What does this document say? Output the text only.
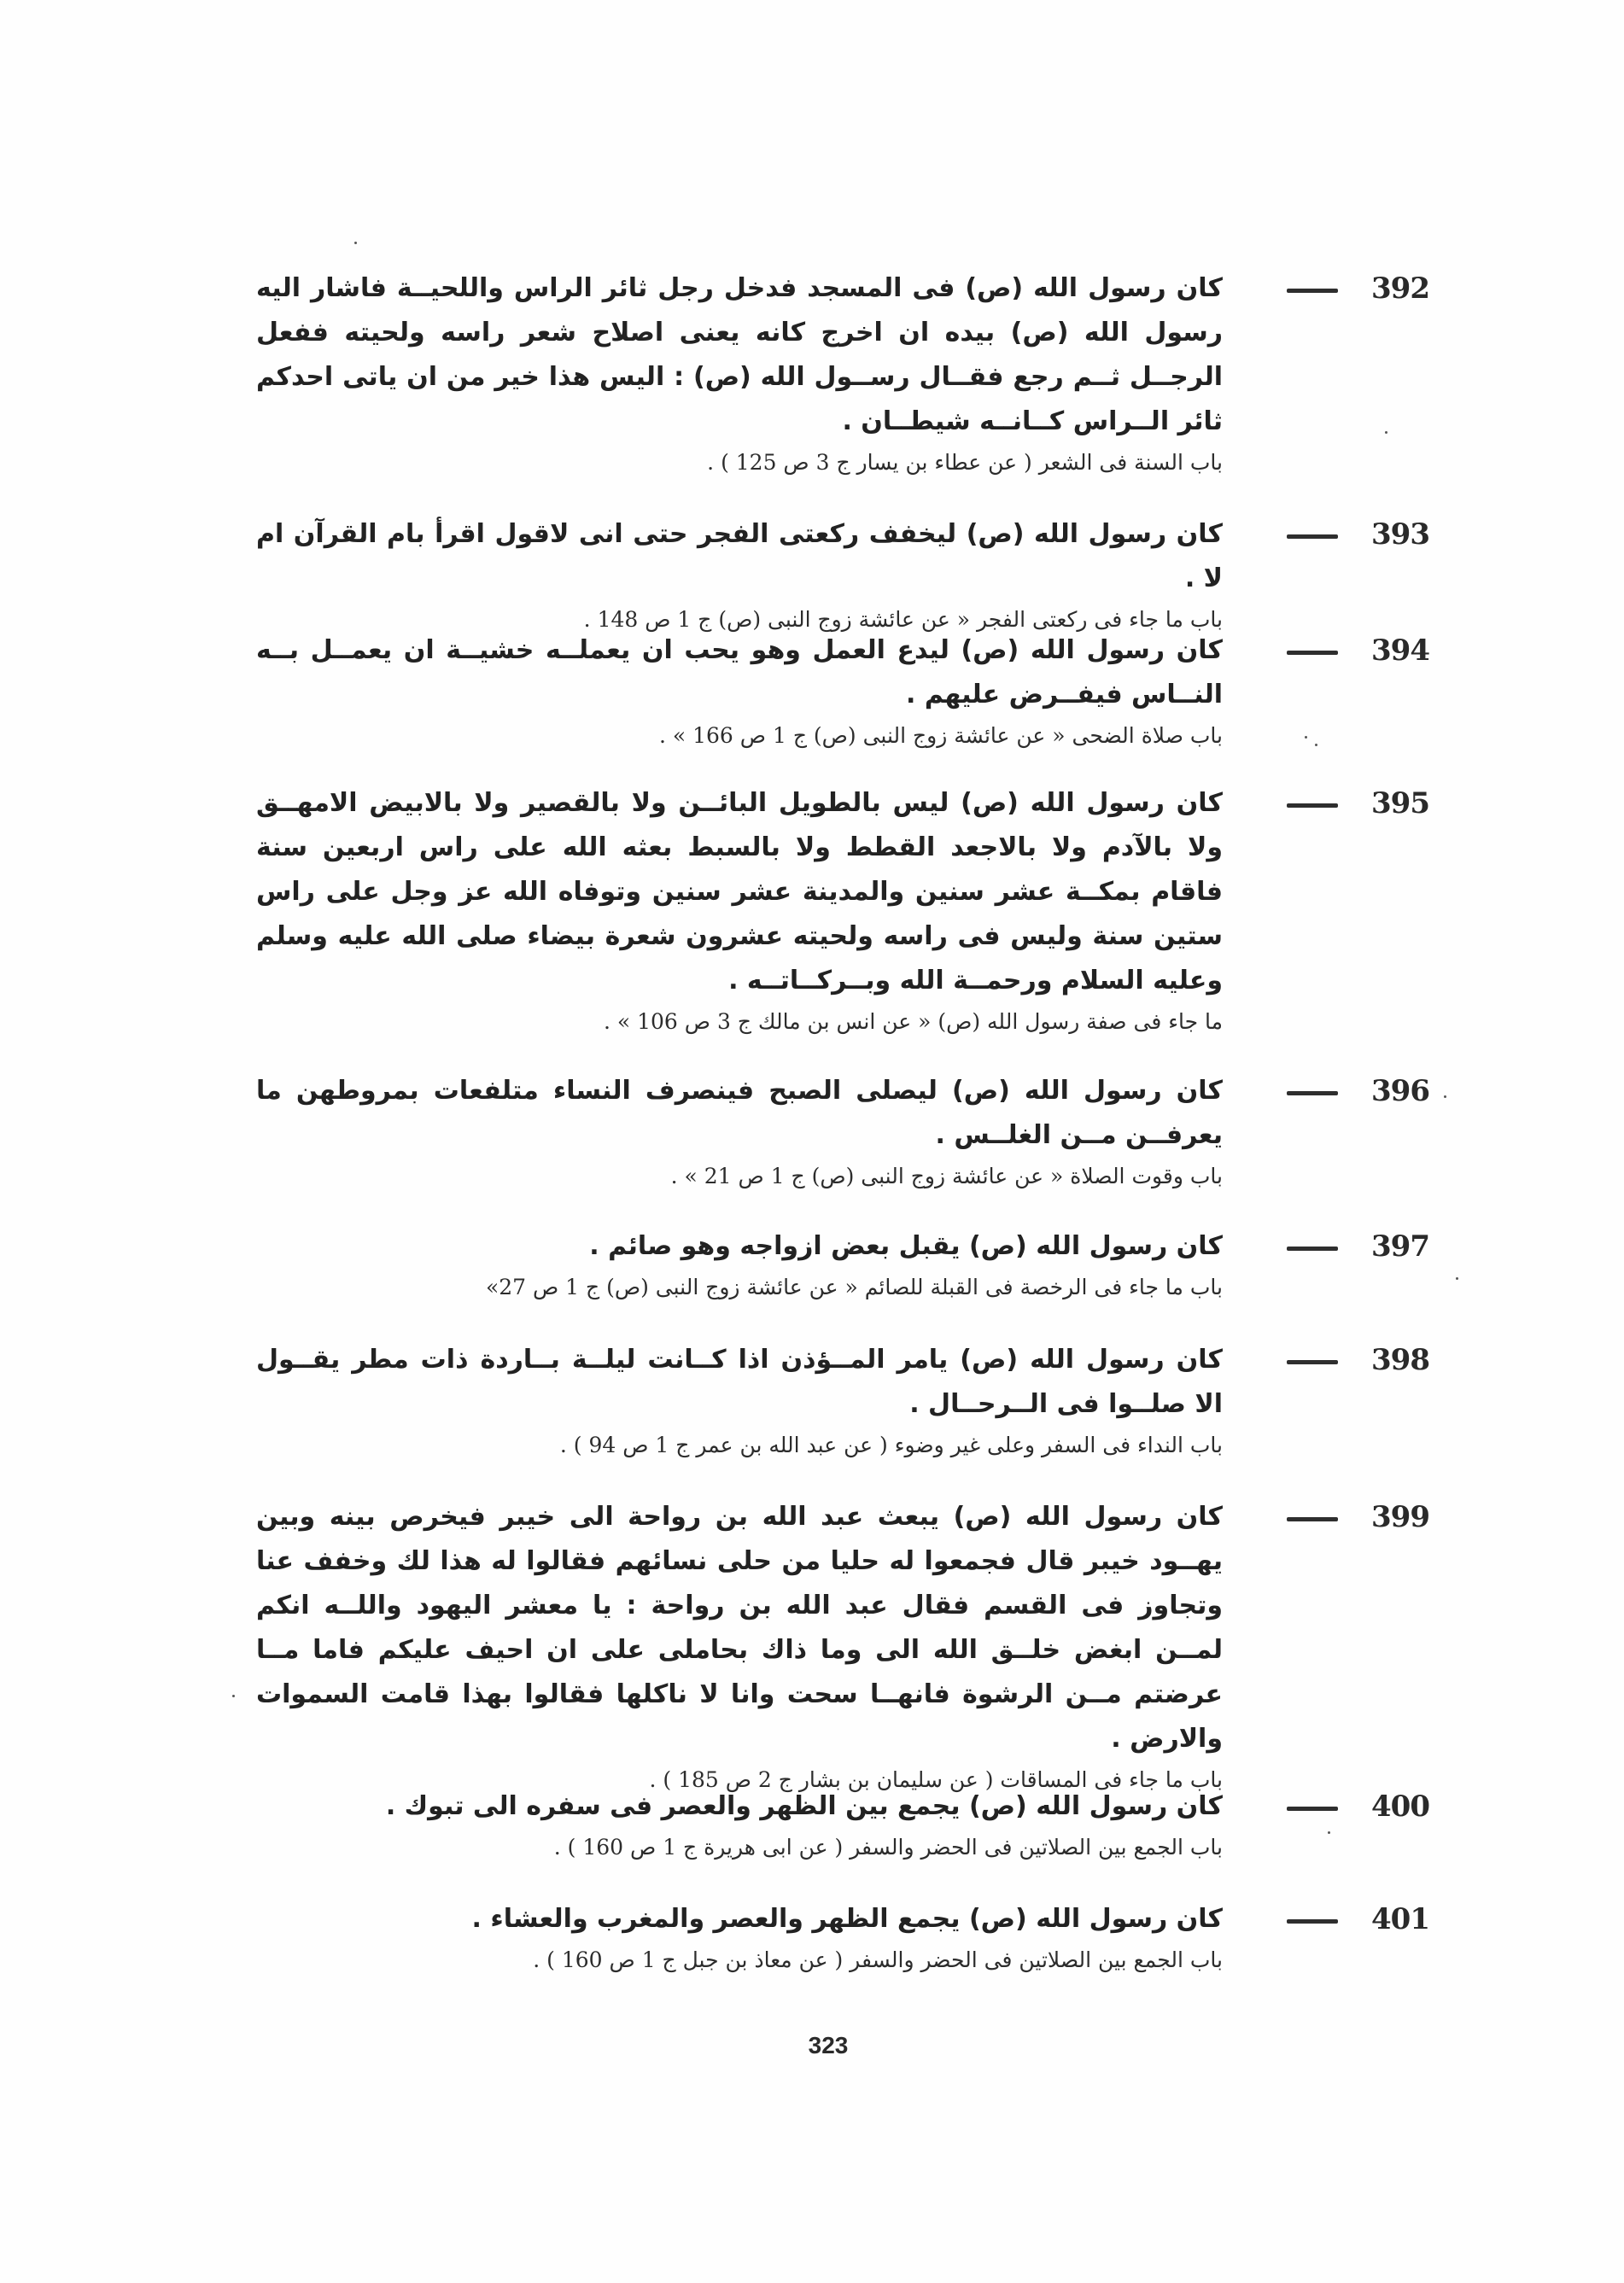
392

كان رسول الله (ص) فى المسجد فدخل رجل ثائر الراس واللحيــة فاشار اليه رسول الله (ص) بيده ان اخرج كانه يعنى اصلاح شعر راسه ولحيته ففعل الرجــل ثــم رجع فقــال رســول الله (ص) : اليس هذا خير من ان ياتى احدكم ثائر الــراس كــانــه شيطــان .

باب السنة فى الشعر ( عن عطاء بن يسار ج 3 ص 125 ) .

393

كان رسول الله (ص) ليخفف ركعتى الفجر حتى انى لاقول اقرأ بام القرآن ام لا .

باب ما جاء فى ركعتى الفجر « عن عائشة زوج النبى (ص) ج 1 ص 148 .

394

كان رسول الله (ص) ليدع العمل وهو يحب ان يعملــه خشيــة ان يعمــل بــه النــاس فيفــرض عليهم .

باب صلاة الضحى « عن عائشة زوج النبى (ص) ج 1 ص 166 » .

395

كان رسول الله (ص) ليس بالطويل البائــن ولا بالقصير ولا بالابيض الامهــق ولا بالآدم ولا بالاجعد القطط ولا بالسبط بعثه الله على راس اربعين سنة فاقام بمكــة عشر سنين والمدينة عشر سنين وتوفاه الله عز وجل على راس ستين سنة وليس فى راسه ولحيته عشرون شعرة بيضاء صلى الله عليه وسلم وعليه السلام ورحمــة الله وبــركــاتــه .

ما جاء فى صفة رسول الله (ص) « عن انس بن مالك ج 3 ص 106 » .

396

كان رسول الله (ص) ليصلى الصبح فينصرف النساء متلفعات بمروطهن ما يعرفــن مــن الغلــس .

باب وقوت الصلاة « عن عائشة زوج النبى (ص) ج 1 ص 21 » .

397

كان رسول الله (ص) يقبل بعض ازواجه وهو صائم .

باب ما جاء فى الرخصة فى القبلة للصائم « عن عائشة زوج النبى (ص) ج 1 ص 27»

398

كان رسول الله (ص) يامر المــؤذن اذا كــانت ليلــة بــاردة ذات مطر يقــول الا صلــوا فى الــرحــال .

باب النداء فى السفر وعلى غير وضوء ( عن عبد الله بن عمر ج 1 ص 94 ) .

399

كان رسول الله (ص) يبعث عبد الله بن رواحة الى خيبر فيخرص بينه وبين يهــود خيبر قال فجمعوا له حليا من حلى نسائهم فقالوا له هذا لك وخفف عنا وتجاوز فى القسم فقال عبد الله بن رواحة : يا معشر اليهود واللــه انكم لمــن ابغض خلــق الله الى وما ذاك بحاملى على ان احيف عليكم فاما مــا عرضتم مــن الرشوة فانهــا سحت وانا لا ناكلها فقالوا بهذا قامت السموات والارض .

باب ما جاء فى المساقات ( عن سليمان بن بشار ج 2 ص 185 ) .

400

كان رسول الله (ص) يجمع بين الظهر والعصر فى سفره الى تبوك .

باب الجمع بين الصلاتين فى الحضر والسفر ( عن ابى هريرة ج 1 ص 160 ) .

401

كان رسول الله (ص) يجمع الظهر والعصر والمغرب والعشاء .

باب الجمع بين الصلاتين فى الحضر والسفر ( عن معاذ بن جبل ج 1 ص 160 ) .

323
